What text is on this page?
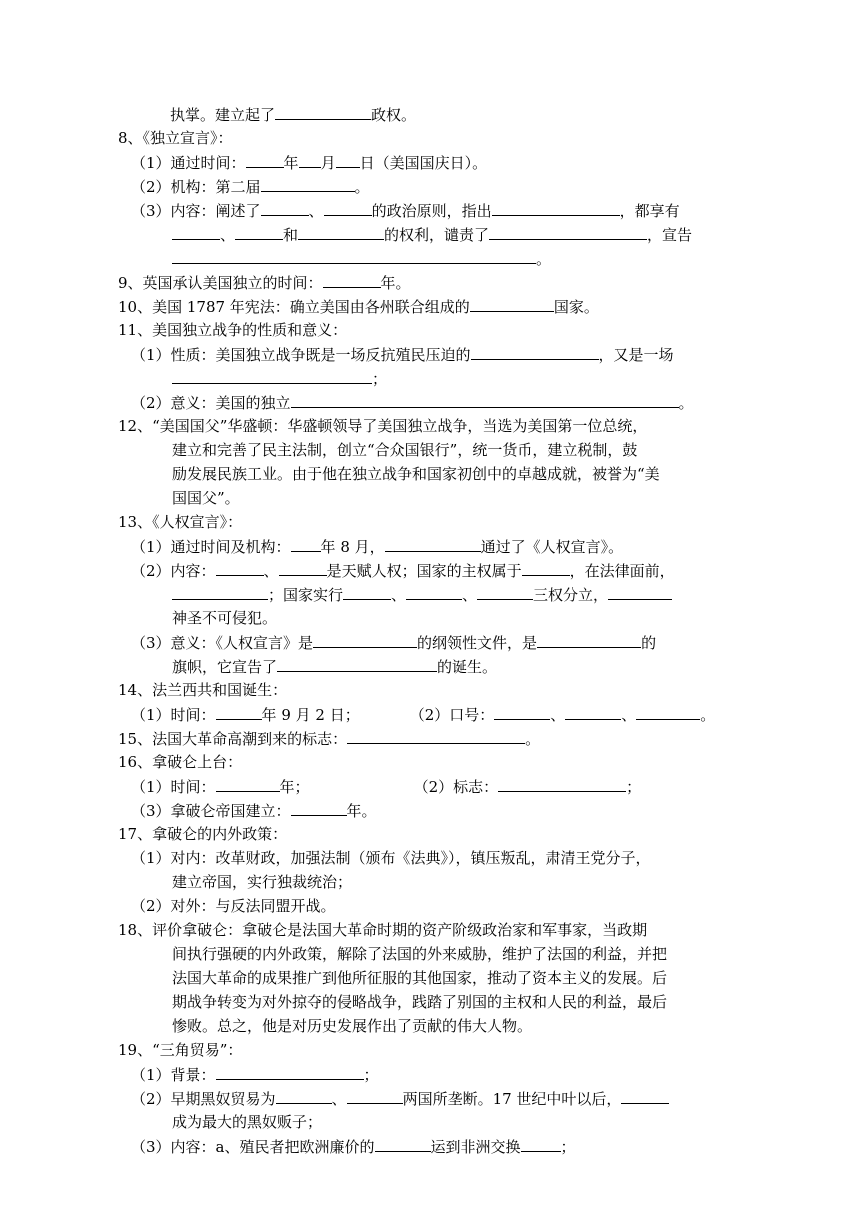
执掌。建立起了	政权。
8、《独立宣言》：
（1）通过时间：	年 月 日（美国国庆日）。
（2）机构：第二届	。
（3）内容：阐述了	、	的政治原则，指出	，都享有
、	和	的权利，谴责了	，宣告
。
9、英国承认美国独立的时间：	年。
10、美国 1787 年宪法：确立美国由各州联合组成的	国家。
11、美国独立战争的性质和意义：
（1）性质：美国独立战争既是一场反抗殖民压迫的	，又是一场
；
（2）意义：美国的独立	。
12、“美国国父”华盛顿：华盛顿领导了美国独立战争，当选为美国第一位总统，
建立和完善了民主法制，创立“合众国银行”，统一货币，建立税制，鼓
励发展民族工业。由于他在独立战争和国家初创中的卓越成就，被誉为“美
国国父”。
13、《人权宣言》：
（1）通过时间及机构： 年 8 月，	通过了《人权宣言》。
（2）内容：	、	是天赋人权；国家的主权属于	，在法律面前，
；国家实行	、	、	三权分立，
神圣不可侵犯。
（3）意义：《人权宣言》是	的纲领性文件，是	的
旗帜，它宣告了	的诞生。
14、法兰西共和国诞生：
（1）时间：	年 9 月 2 日；	（2）口号：	、	、	。
15、法国大革命高潮到来的标志：	。
16、拿破仑上台：
（1）时间：	年；	（2）标志：	；
（3）拿破仑帝国建立：	年。
17、拿破仑的内外政策：
（1）对内：改革财政，加强法制（颁布《法典》），镇压叛乱，肃清王党分子，
建立帝国，实行独裁统治；
（2）对外：与反法同盟开战。
18、评价拿破仑：拿破仑是法国大革命时期的资产阶级政治家和军事家，当政期
间执行强硬的内外政策，解除了法国的外来威胁，维护了法国的利益，并把
法国大革命的成果推广到他所征服的其他国家，推动了资本主义的发展。后
期战争转变为对外掠夺的侵略战争，践踏了别国的主权和人民的利益，最后
惨败。总之，他是对历史发展作出了贡献的伟大人物。
19、“三角贸易”：
（1）背景：	；
（2）早期黑奴贸易为	、	两国所垄断。17 世纪中叶以后，
成为最大的黑奴贩子；
（3）内容：a、殖民者把欧洲廉价的	运到非洲交换	；
